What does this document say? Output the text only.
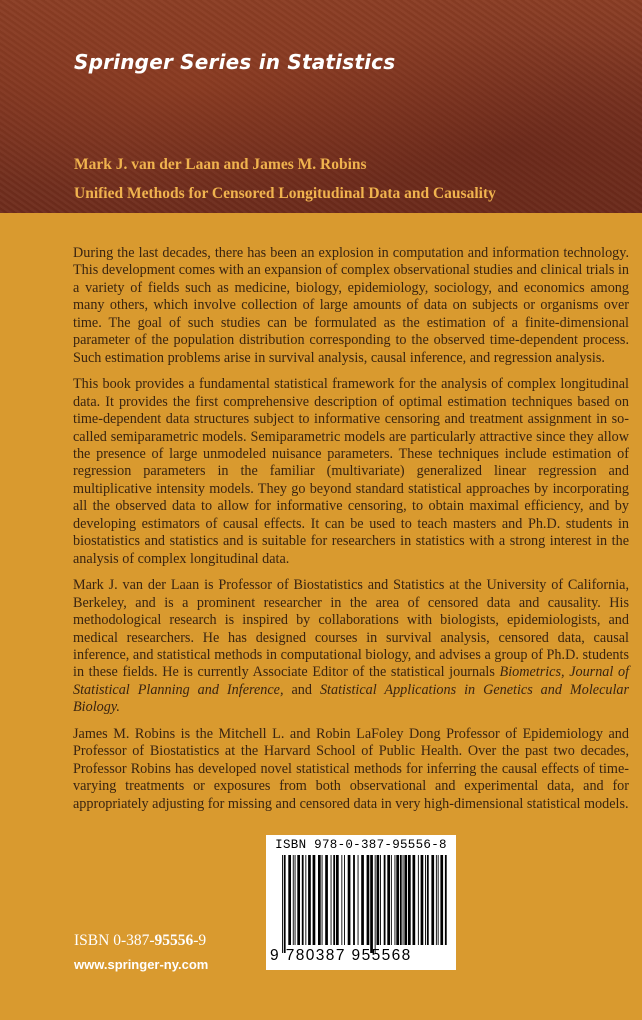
Springer Series in Statistics
Mark J. van der Laan and James M. Robins
Unified Methods for Censored Longitudinal Data and Causality

During the last decades, there has been an explosion in computation and information technology. This development comes with an expansion of complex observational studies and clinical trials in a variety of fields such as medicine, biology, epidemiology, sociology, and economics among many others, which involve collection of large amounts of data on subjects or organisms over time. The goal of such studies can be formulated as the estimation of a finite-dimensional parameter of the population distribution corresponding to the observed time-dependent process. Such estimation problems arise in survival analysis, causal inference, and regression analysis.

This book provides a fundamental statistical framework for the analysis of complex longitudinal data. It provides the first comprehensive description of optimal estimation techniques based on time-dependent data structures subject to informative censoring and treatment assignment in so-called semiparametric models. Semiparametric models are particularly attractive since they allow the presence of large unmodeled nuisance parameters. These techniques include estimation of regression parameters in the familiar (multivariate) generalized linear regression and multiplicative intensity models. They go beyond standard statistical approaches by incorporating all the observed data to allow for informative censoring, to obtain maximal efficiency, and by developing estimators of causal effects. It can be used to teach masters and Ph.D. students in biostatistics and statistics and is suitable for researchers in statistics with a strong interest in the analysis of complex longitudinal data.

Mark J. van der Laan is Professor of Biostatistics and Statistics at the University of California, Berkeley, and is a prominent researcher in the area of censored data and causality. His methodological research is inspired by collaborations with biologists, epidemiologists, and medical researchers. He has designed courses in survival analysis, censored data, causal inference, and statistical methods in computational biology, and advises a group of Ph.D. students in these fields. He is currently Associate Editor of the statistical journals Biometrics, Journal of Statistical Planning and Inference, and Statistical Applications in Genetics and Molecular Biology.

James M. Robins is the Mitchell L. and Robin LaFoley Dong Professor of Epidemiology and Professor of Biostatistics at the Harvard School of Public Health. Over the past two decades, Professor Robins has developed novel statistical methods for inferring the causal effects of time-varying treatments or exposures from both observational and experimental data, and for appropriately adjusting for missing and censored data in very high-dimensional statistical models.

ISBN 0-387-95556-9
www.springer-ny.com
ISBN 978-0-387-95556-8
9 780387 955568
